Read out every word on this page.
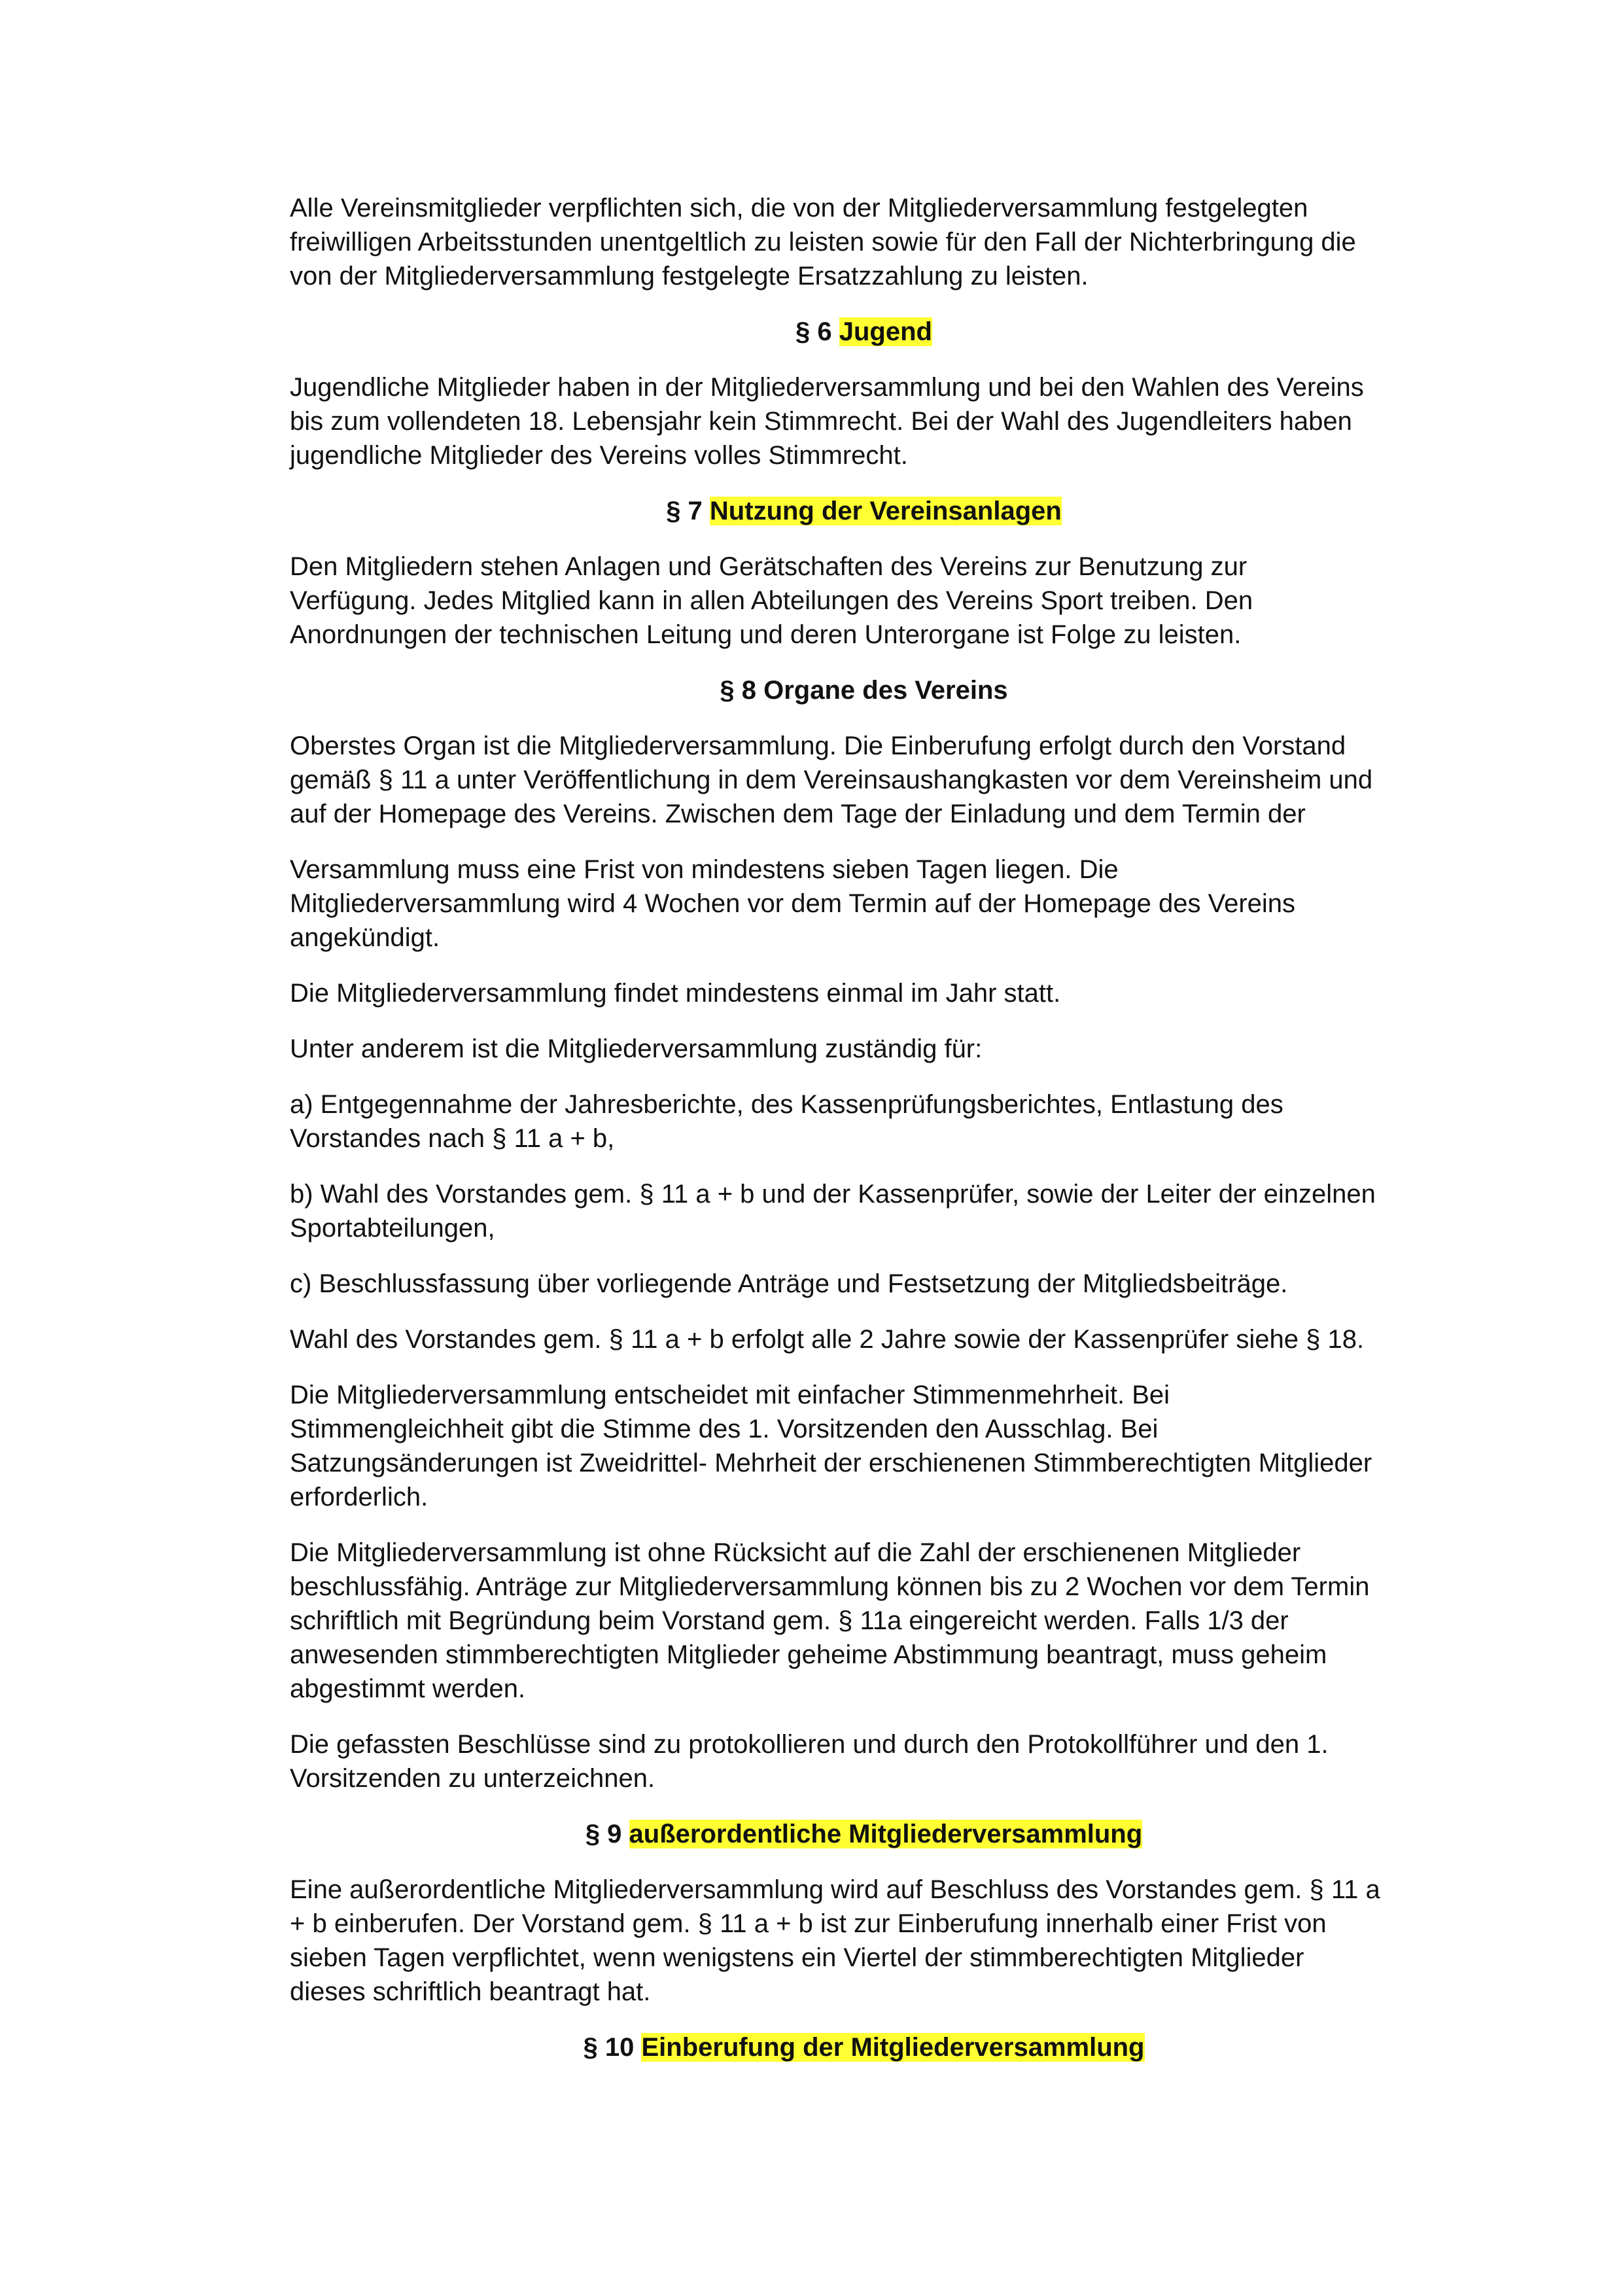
Alle Vereinsmitglieder verpflichten sich, die von der Mitgliederversammlung festgelegten
freiwilligen Arbeitsstunden unentgeltlich zu leisten sowie für den Fall der Nichterbringung die
von der Mitgliederversammlung festgelegte Ersatzzahlung zu leisten.
§ 6 Jugend
Jugendliche Mitglieder haben in der Mitgliederversammlung und bei den Wahlen des Vereins
bis zum vollendeten 18. Lebensjahr kein Stimmrecht. Bei der Wahl des Jugendleiters haben
jugendliche Mitglieder des Vereins volles Stimmrecht.
§ 7 Nutzung der Vereinsanlagen
Den Mitgliedern stehen Anlagen und Gerätschaften des Vereins zur Benutzung zur
Verfügung. Jedes Mitglied kann in allen Abteilungen des Vereins Sport treiben. Den
Anordnungen der technischen Leitung und deren Unterorgane ist Folge zu leisten.
§ 8 Organe des Vereins
Oberstes Organ ist die Mitgliederversammlung. Die Einberufung erfolgt durch den Vorstand
gemäß § 11 a unter Veröffentlichung in dem Vereinsaushangkasten vor dem Vereinsheim und
auf der Homepage des Vereins. Zwischen dem Tage der Einladung und dem Termin der
Versammlung muss eine Frist von mindestens sieben Tagen liegen. Die
Mitgliederversammlung wird 4 Wochen vor dem Termin auf der Homepage des Vereins
angekündigt.
Die Mitgliederversammlung findet mindestens einmal im Jahr statt.
Unter anderem ist die Mitgliederversammlung zuständig für:
a) Entgegennahme der Jahresberichte, des Kassenprüfungsberichtes, Entlastung des
Vorstandes nach § 11 a + b,
b) Wahl des Vorstandes gem. § 11 a + b und der Kassenprüfer, sowie der Leiter der einzelnen
Sportabteilungen,
c) Beschlussfassung über vorliegende Anträge und Festsetzung der Mitgliedsbeiträge.
Wahl des Vorstandes gem. § 11 a + b erfolgt alle 2 Jahre sowie der Kassenprüfer siehe § 18.
Die Mitgliederversammlung entscheidet mit einfacher Stimmenmehrheit. Bei
Stimmengleichheit gibt die Stimme des 1. Vorsitzenden den Ausschlag. Bei
Satzungsänderungen ist Zweidrittel- Mehrheit der erschienenen Stimmberechtigten Mitglieder
erforderlich.
Die Mitgliederversammlung ist ohne Rücksicht auf die Zahl der erschienenen Mitglieder
beschlussfähig. Anträge zur Mitgliederversammlung können bis zu 2 Wochen vor dem Termin
schriftlich mit Begründung beim Vorstand gem. § 11a eingereicht werden. Falls 1/3 der
anwesenden stimmberechtigten Mitglieder geheime Abstimmung beantragt, muss geheim
abgestimmt werden.
Die gefassten Beschlüsse sind zu protokollieren und durch den Protokollführer und den 1.
Vorsitzenden zu unterzeichnen.
§ 9 außerordentliche Mitgliederversammlung
Eine außerordentliche Mitgliederversammlung wird auf Beschluss des Vorstandes gem. § 11 a
+ b einberufen. Der Vorstand gem. § 11 a + b ist zur Einberufung innerhalb einer Frist von
sieben Tagen verpflichtet, wenn wenigstens ein Viertel der stimmberechtigten Mitglieder
dieses schriftlich beantragt hat.
§ 10 Einberufung der Mitgliederversammlung
